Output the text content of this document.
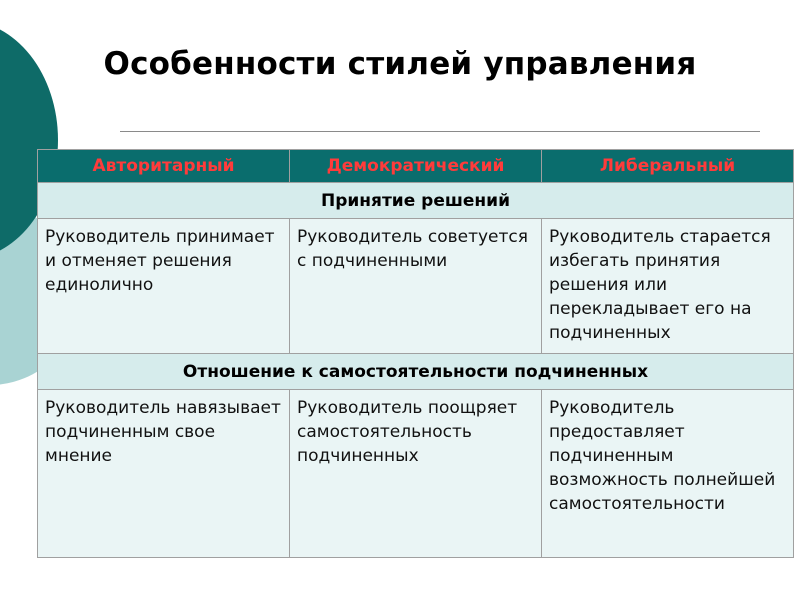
Особенности стилей управления
Авторитарный	Демократический	Либеральный
Принятие решений		
Руководитель принимает и отменяет решения единолично	Руководитель советуется с подчиненными	Руководитель старается избегать принятия решения или перекладывает его на подчиненных
Отношение к самостоятельности подчиненных		
Руководитель навязывает подчиненным свое мнение	Руководитель поощряет самостоятельность подчиненных	Руководитель предоставляет подчиненным возможность полнейшей самостоятельности
